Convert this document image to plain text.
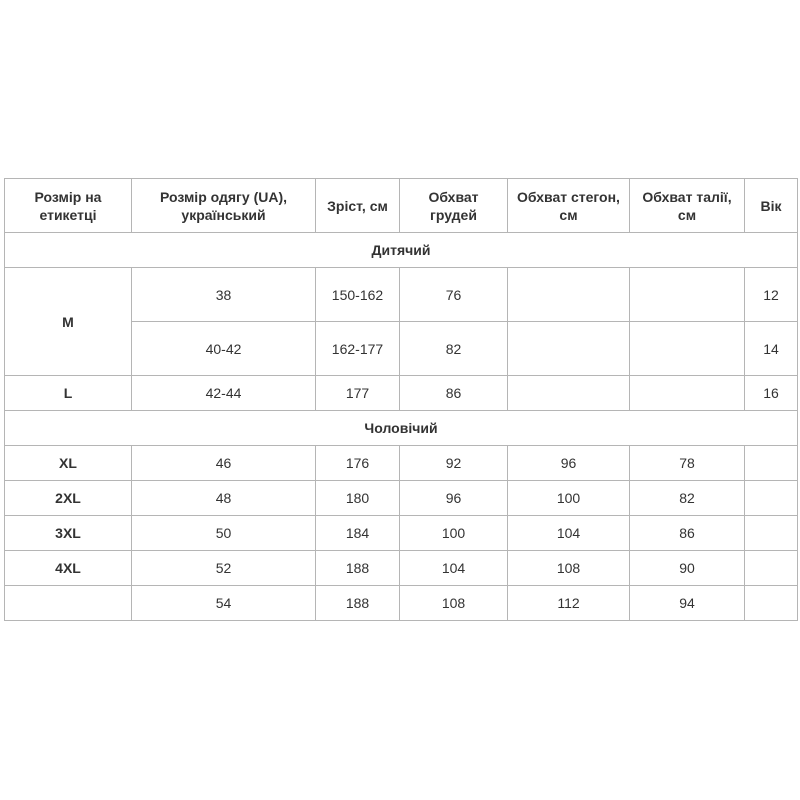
Розмір на етикетці	Розмір одягу (UA), український	Зріст, см	Обхват грудей	Обхват стегон, см	Обхват талії, см	Вік
Дитячий						
M	38	150-162	76			12
	40-42	162-177	82			14
L	42-44	177	86			16
Чоловічий						
XL	46	176	92	96	78	
2XL	48	180	96	100	82	
3XL	50	184	100	104	86	
4XL	52	188	104	108	90	
	54	188	108	112	94	
